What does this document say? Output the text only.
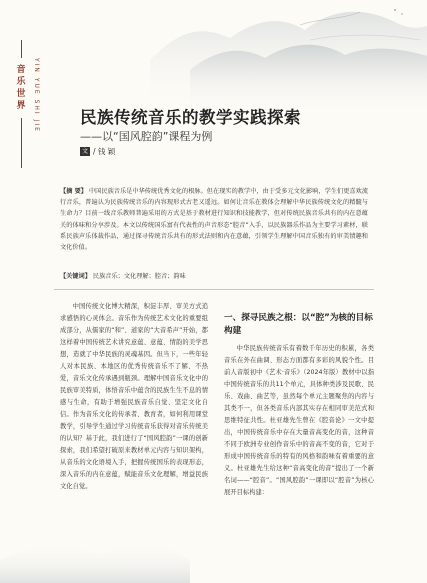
音
乐
世
界	YIN YUE SHI JIE 民族传统音乐的教学实践探索
——以“国风腔韵”课程为例
文 / 钱 颖
【摘 要】 中国民族音乐是中华传统优秀文化的根脉。但在现实的教学中，由于受多元文化影响，学生们更喜欢流行音乐，普遍认为民族传统音乐的内容现形式古老又遥远。如何让音乐在教体会理解中华民族传统文化的精髓与生命力？目前一线音乐教师普遍采用的方式是基于教材进行知识和技能教学，但对传统民族音乐共有的内在意蕴关的体味和分享涉及。本文以传统国乐富有代表性的声音形态“腔音”入手，以民族器乐作品为主要学习素材，联系民族声乐体裁作品，通过探寻传统音乐共有的形式法则和内在意蕴，引领学生理解中国音乐独有的审美情趣和文化价值。
【关键词】 民族音乐；文化理解；腔音；韵味

中国传统文化博大精深，积淀丰厚、审美方式追求感悟的心灵体会。音乐作为传统艺术文化的重要组成部分，从儒家的“和”、道家的“大音希声”开始，都这样着中国传统艺术讲究意蕴、意蕴、情韵的美学思想，造就了中华民族的灵魂基因。但当下，一些年轻人对本民族、本地区的优秀传统音乐不了解、不热爱，音乐文化传承遇到瓶颈。理解中国音乐文化中的民族审美特质，体悟音乐中蕴含的民族生生不息的情感与生命，有助于增强民族音乐自觉、坚定文化自信。作为音乐文化的传承者、教育者，如何利用课堂教学，引导学生通过学习传统音乐获得对音乐传统美的认知？基于此，我们进行了“国风腔韵”一课的创新探索，我们希望打破原来教材单元内容与知识架构，从音乐的文化语境入手，把握传统国乐的表现形态，深入音乐的内在意蕴，赋能音乐文化理解，增益民族文化自觉。

一、探寻民族之根：以“腔”为核的目标构建

中华民族传统音乐有着数千年历史的积累，各类音乐在外在曲调、形态方面都有多彩的风貌个性。目前人音版初中《艺术·音乐》（2024年版）教材中以指中国传统音乐的共11个单元，具体种类涉及民歌、民乐、戏曲、曲艺等，虽然每个单元主题聚焦的内容与其类不一，但各类音乐内部其实存在相同审美范式和思维特征共性。杜亚雄先生曾在《腔音论》一文中提出，中国传统音乐中存在大量音高变化的音，这种音不同于欧洲专业创作音乐中的音高不变的音，它对于形成中国传统音乐的特有的风格和韵味有着重要的意义。杜亚雄先生给这种“音高变化的音”提出了一个新名词——“腔音”。“国风腔韵”一课即以“腔音”为核心展开目标构建：
